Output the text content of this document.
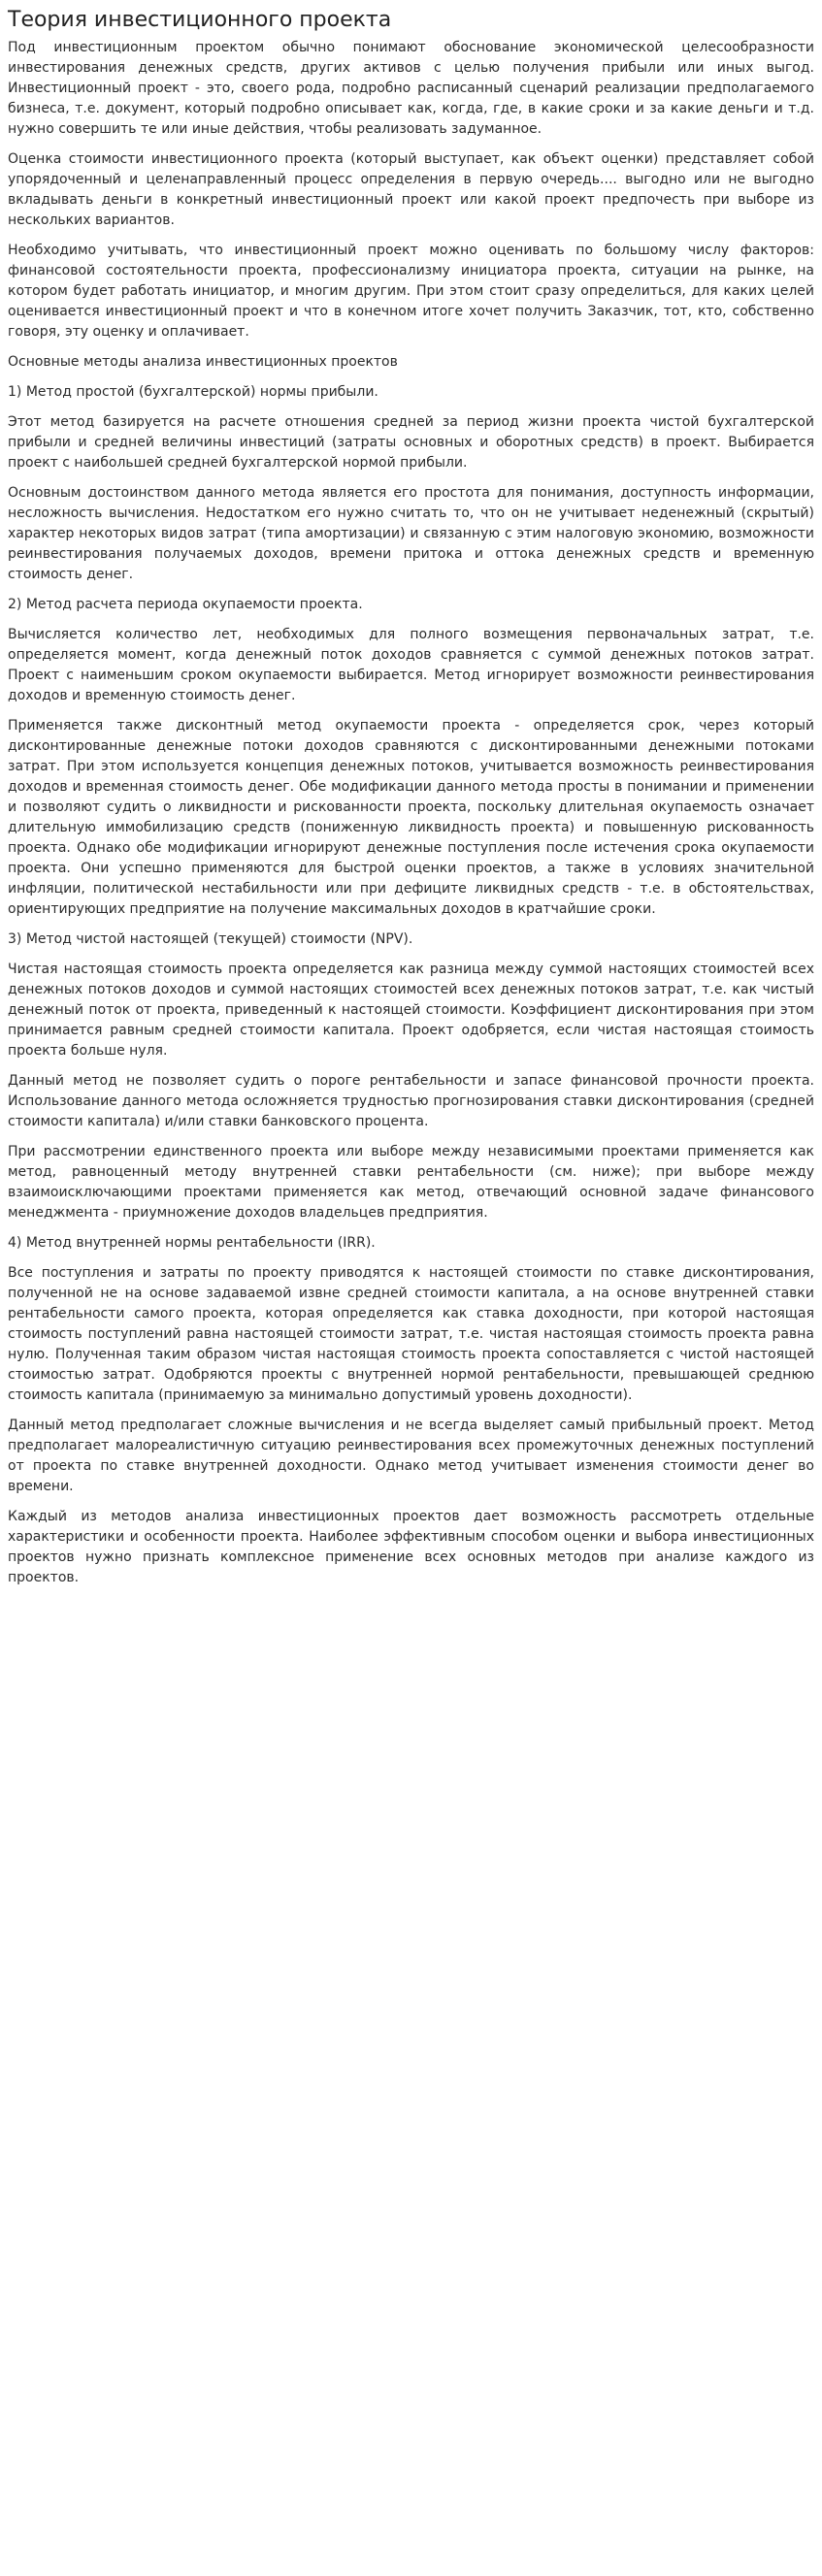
Теория инвестиционного проекта

Под инвестиционным проектом обычно понимают обоснование экономической целесообразности инвестирования денежных средств, других активов с целью получения прибыли или иных выгод. Инвестиционный проект - это, своего рода, подробно расписанный сценарий реализации предполагаемого бизнеса, т.е. документ, который подробно описывает как, когда, где, в какие сроки и за какие деньги и т.д. нужно совершить те или иные действия, чтобы реализовать задуманное.

Оценка стоимости инвестиционного проекта (который выступает, как объект оценки) представляет собой упорядоченный и целенаправленный процесс определения в первую очередь.... выгодно или не выгодно вкладывать деньги в конкретный инвестиционный проект или какой проект предпочесть при выборе из нескольких вариантов.

Необходимо учитывать, что инвестиционный проект можно оценивать по большому числу факторов: финансовой состоятельности проекта, профессионализму инициатора проекта, ситуации на рынке, на котором будет работать инициатор, и многим другим. При этом стоит сразу определиться, для каких целей оценивается инвестиционный проект и что в конечном итоге хочет получить Заказчик, тот, кто, собственно говоря, эту оценку и оплачивает.

Основные методы анализа инвестиционных проектов

1) Метод простой (бухгалтерской) нормы прибыли.

Этот метод базируется на расчете отношения средней за период жизни проекта чистой бухгалтерской прибыли и средней величины инвестиций (затраты основных и оборотных средств) в проект. Выбирается проект с наибольшей средней бухгалтерской нормой прибыли.

Основным достоинством данного метода является его простота для понимания, доступность информации, несложность вычисления. Недостатком его нужно считать то, что он не учитывает неденежный (скрытый) характер некоторых видов затрат (типа амортизации) и связанную с этим налоговую экономию, возможности реинвестирования получаемых доходов, времени притока и оттока денежных средств и временную стоимость денег.

2) Метод расчета периода окупаемости проекта.

Вычисляется количество лет, необходимых для полного возмещения первоначальных затрат, т.е. определяется момент, когда денежный поток доходов сравняется с суммой денежных потоков затрат. Проект с наименьшим сроком окупаемости выбирается. Метод игнорирует возможности реинвестирования доходов и временную стоимость денег.

Применяется также дисконтный метод окупаемости проекта - определяется срок, через который дисконтированные денежные потоки доходов сравняются с дисконтированными денежными потоками затрат. При этом используется концепция денежных потоков, учитывается возможность реинвестирования доходов и временная стоимость денег. Обе модификации данного метода просты в понимании и применении и позволяют судить о ликвидности и рискованности проекта, поскольку длительная окупаемость означает длительную иммобилизацию средств (пониженную ликвидность проекта) и повышенную рискованность проекта. Однако обе модификации игнорируют денежные поступления после истечения срока окупаемости проекта. Они успешно применяются для быстрой оценки проектов, а также в условиях значительной инфляции, политической нестабильности или при дефиците ликвидных средств - т.е. в обстоятельствах, ориентирующих предприятие на получение максимальных доходов в кратчайшие сроки.

3) Метод чистой настоящей (текущей) стоимости (NPV).

Чистая настоящая стоимость проекта определяется как разница между суммой настоящих стоимостей всех денежных потоков доходов и суммой настоящих стоимостей всех денежных потоков затрат, т.е. как чистый денежный поток от проекта, приведенный к настоящей стоимости. Коэффициент дисконтирования при этом принимается равным средней стоимости капитала. Проект одобряется, если чистая настоящая стоимость проекта больше нуля.

Данный метод не позволяет судить о пороге рентабельности и запасе финансовой прочности проекта. Использование данного метода осложняется трудностью прогнозирования ставки дисконтирования (средней стоимости капитала) и/или ставки банковского процента.

При рассмотрении единственного проекта или выборе между независимыми проектами применяется как метод, равноценный методу внутренней ставки рентабельности (см. ниже); при выборе между взаимоисключающими проектами применяется как метод, отвечающий основной задаче финансового менеджмента - приумножение доходов владельцев предприятия.

4) Метод внутренней нормы рентабельности (IRR).

Все поступления и затраты по проекту приводятся к настоящей стоимости по ставке дисконтирования, полученной не на основе задаваемой извне средней стоимости капитала, а на основе внутренней ставки рентабельности самого проекта, которая определяется как ставка доходности, при которой настоящая стоимость поступлений равна настоящей стоимости затрат, т.е. чистая настоящая стоимость проекта равна нулю. Полученная таким образом чистая настоящая стоимость проекта сопоставляется с чистой настоящей стоимостью затрат. Одобряются проекты с внутренней нормой рентабельности, превышающей среднюю стоимость капитала (принимаемую за минимально допустимый уровень доходности).

Данный метод предполагает сложные вычисления и не всегда выделяет самый прибыльный проект. Метод предполагает малореалистичную ситуацию реинвестирования всех промежуточных денежных поступлений от проекта по ставке внутренней доходности. Однако метод учитывает изменения стоимости денег во времени.

Каждый из методов анализа инвестиционных проектов дает возможность рассмотреть отдельные характеристики и особенности проекта. Наиболее эффективным способом оценки и выбора инвестиционных проектов нужно признать комплексное применение всех основных методов при анализе каждого из проектов.
